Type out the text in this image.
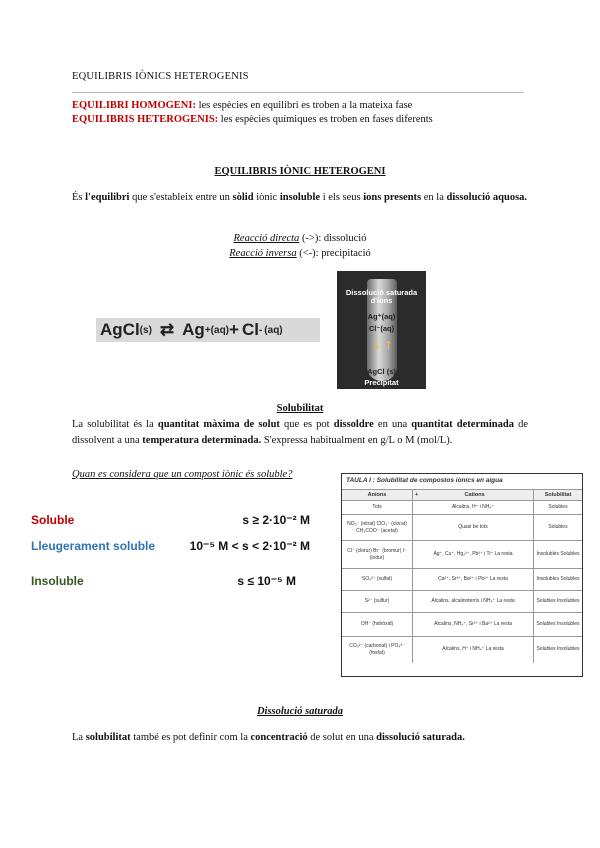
EQUILIBRIS IÒNICS HETEROGENIS
EQUILIBRI HOMOGENI: les espècies en equilibri es troben a la mateixa fase
EQUILIBRIS HETEROGENIS: les espècies químiques es troben en fases diferents
EQUILIBRIS IÒNIC HETEROGENI
És l'equilibri que s'estableix entre un sòlid iònic insoluble i els seus ions presents en la dissolució aquosa.
Reacció directa (->): dissolució
Reacció inversa (<-): precipitació
AgCl (s) ⇄ Ag + (aq) + Cl - (aq)
Dissolució saturada
d'ions
Ag⁺(aq)
Cl⁻(aq)
↓ ↑
AgCl (s)
Precipitat
Solubilitat
La solubilitat és la quantitat màxima de solut que es pot dissoldre en una quantitat determinada de dissolvent a una temperatura determinada. S'expressa habitualment en g/L o M (mol/L).
Quan es considera que un compost iònic és soluble?
Soluble	s ≥ 2·10⁻² M
Lleugerament soluble	10⁻⁵ M < s < 2·10⁻² M
Insoluble	s ≤ 10⁻⁵ M
TAULA I : Solubilitat de compostos iònics en aigua
Anions	+ Cations	Solubilitat
Tots	Alcalins, H⁺ i NH₄⁺	Solubles
NO₃⁻ (nitrat) ClO₃⁻ (clorat) CH₃COO⁻ (acetat)	Quasi be tots	Solubles
Cl⁻ (clorur) Br⁻ (bromur) I⁻ (iodur)	Ag⁺, Cu⁺, Hg₂²⁺, Pb²⁺ i Ti⁺ La resta	Insolubles Solubles
SO₄²⁻ (sulfat)	Ca²⁺, Sr²⁺, Ba²⁺ i Pb²⁺ La resta	Insolubles Solubles
S²⁻ (sulfur)	Alcalins, alcalinoterris i NH₄⁺ La resta	Solubles Insolubles
OH⁻ (hidròxid)	Alcalins, NH₄⁺, Sr²⁺ i Ba²⁺ La resta	Solubles Insolubles
CO₃²⁻ (carbonat) i PO₄³⁻ (fosfat)	Alcalins, H⁺ i NH₄⁺ La resta	Solubles Insolubles
Dissolució saturada
La solubilitat també es pot definir com la concentració de solut en una dissolució saturada.
